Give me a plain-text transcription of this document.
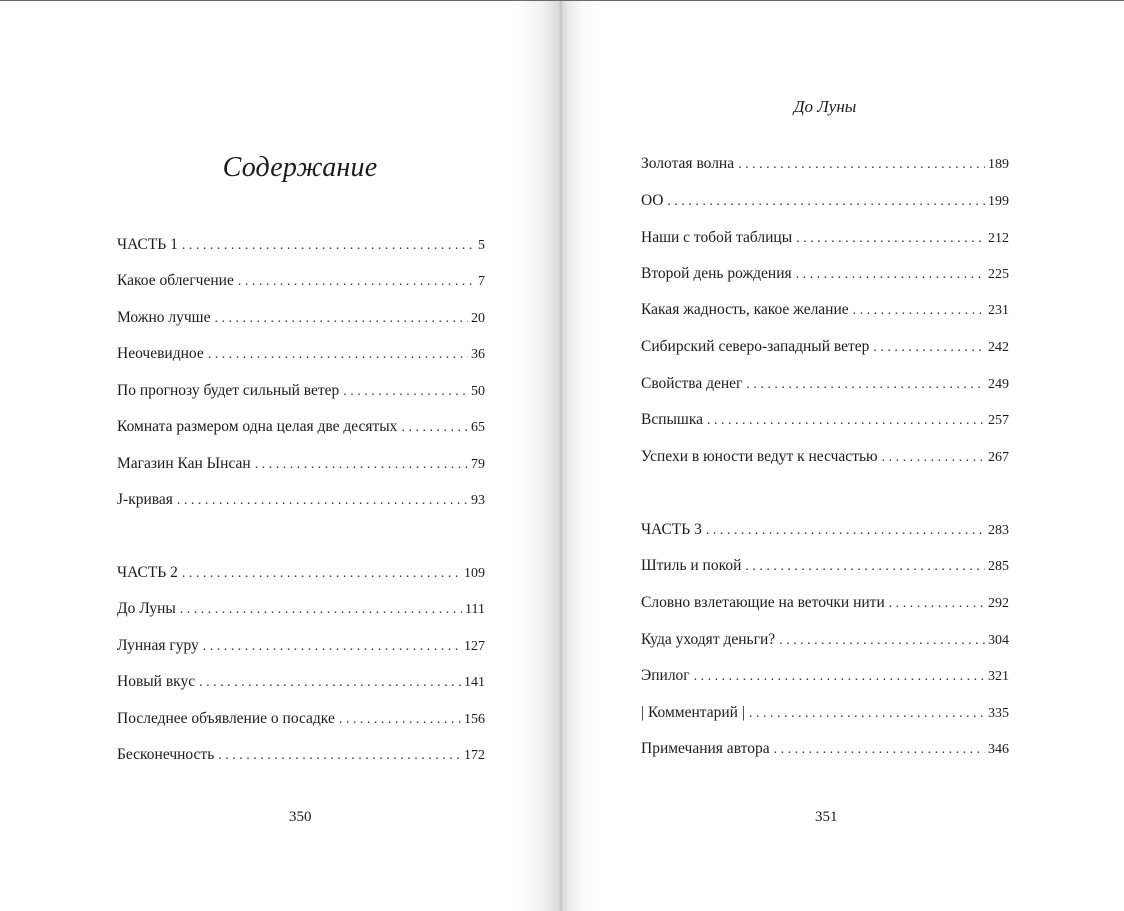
Содержание
ЧАСТЬ 1 . . .	5
Какое облегчение . . .	7
Можно лучше . . .	20
Неочевидное . . .	36
По прогнозу будет сильный ветер . . .	50
Комната размером одна целая две десятых . . .	65
Магазин Кан Ынсан . . .	79
J-кривая . . .	93
ЧАСТЬ 2 . . .	109
До Луны . . .	111
Лунная гуру . . .	127
Новый вкус . . .	141
Последнее объявление о посадке . . .	156
Бесконечность . . .	172
350
До Луны
Золотая волна . . .	189
OO . . .	199
Наши с тобой таблицы . . .	212
Второй день рождения . . .	225
Какая жадность, какое желание . . .	231
Сибирский северо-западный ветер . . .	242
Свойства денег . . .	249
Вспышка . . .	257
Успехи в юности ведут к несчастью . . .	267
ЧАСТЬ 3 . . .	283
Штиль и покой . . .	285
Словно взлетающие на веточки нити . . .	292
Куда уходят деньги? . . .	304
Эпилог . . .	321
| Комментарий | . . .	335
Примечания автора . . .	346
351
